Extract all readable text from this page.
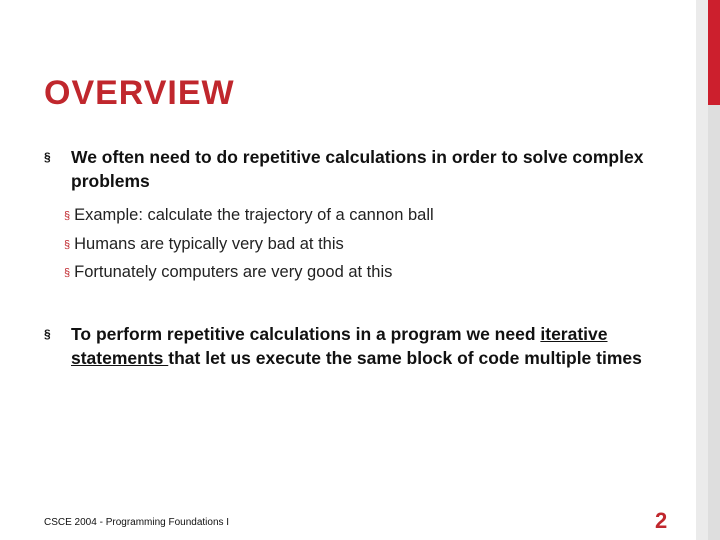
OVERVIEW
§ We often need to do repetitive calculations in order to solve complex problems
§ Example: calculate the trajectory of a cannon ball
§ Humans are typically very bad at this
§ Fortunately computers are very good at this
§ To perform repetitive calculations in a program we need iterative statements that let us execute the same block of code multiple times
CSCE 2004 - Programming Foundations I	2
